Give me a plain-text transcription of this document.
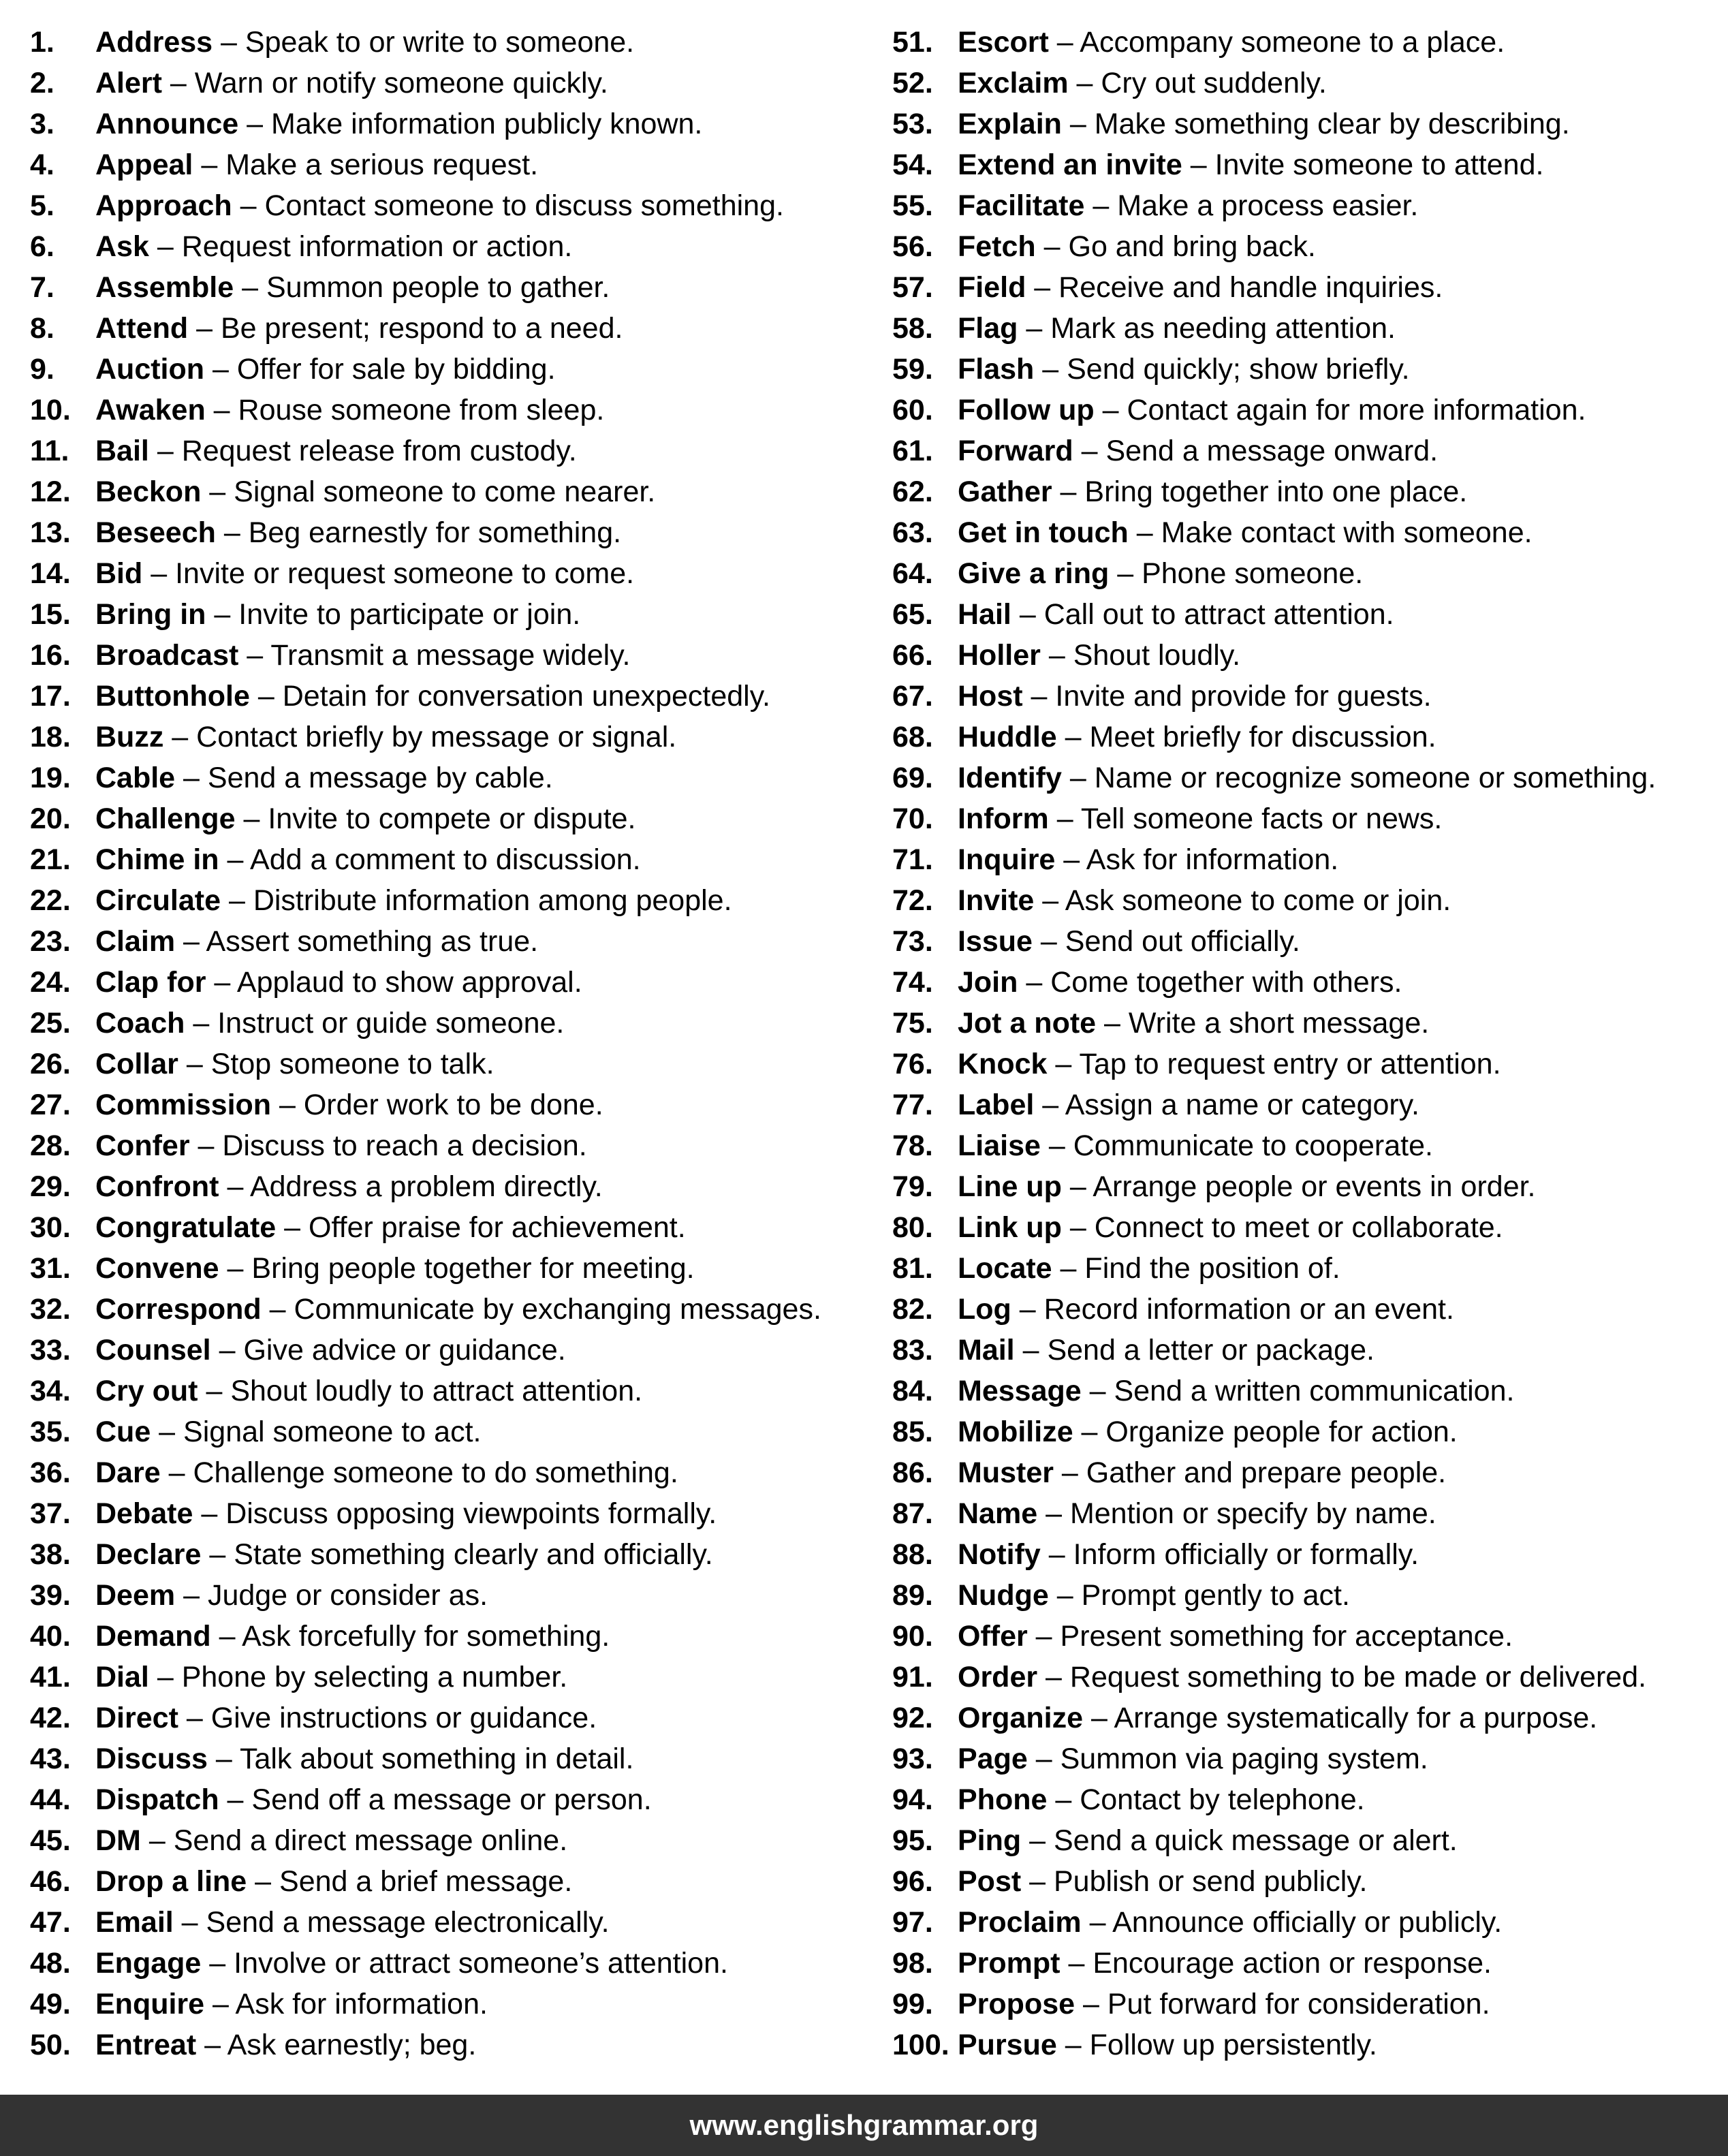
1. Address – Speak to or write to someone.
2. Alert – Warn or notify someone quickly.
3. Announce – Make information publicly known.
4. Appeal – Make a serious request.
5. Approach – Contact someone to discuss something.
6. Ask – Request information or action.
7. Assemble – Summon people to gather.
8. Attend – Be present; respond to a need.
9. Auction – Offer for sale by bidding.
10. Awaken – Rouse someone from sleep.
11. Bail – Request release from custody.
12. Beckon – Signal someone to come nearer.
13. Beseech – Beg earnestly for something.
14. Bid – Invite or request someone to come.
15. Bring in – Invite to participate or join.
16. Broadcast – Transmit a message widely.
17. Buttonhole – Detain for conversation unexpectedly.
18. Buzz – Contact briefly by message or signal.
19. Cable – Send a message by cable.
20. Challenge – Invite to compete or dispute.
21. Chime in – Add a comment to discussion.
22. Circulate – Distribute information among people.
23. Claim – Assert something as true.
24. Clap for – Applaud to show approval.
25. Coach – Instruct or guide someone.
26. Collar – Stop someone to talk.
27. Commission – Order work to be done.
28. Confer – Discuss to reach a decision.
29. Confront – Address a problem directly.
30. Congratulate – Offer praise for achievement.
31. Convene – Bring people together for meeting.
32. Correspond – Communicate by exchanging messages.
33. Counsel – Give advice or guidance.
34. Cry out – Shout loudly to attract attention.
35. Cue – Signal someone to act.
36. Dare – Challenge someone to do something.
37. Debate – Discuss opposing viewpoints formally.
38. Declare – State something clearly and officially.
39. Deem – Judge or consider as.
40. Demand – Ask forcefully for something.
41. Dial – Phone by selecting a number.
42. Direct – Give instructions or guidance.
43. Discuss – Talk about something in detail.
44. Dispatch – Send off a message or person.
45. DM – Send a direct message online.
46. Drop a line – Send a brief message.
47. Email – Send a message electronically.
48. Engage – Involve or attract someone’s attention.
49. Enquire – Ask for information.
50. Entreat – Ask earnestly; beg.
51. Escort – Accompany someone to a place.
52. Exclaim – Cry out suddenly.
53. Explain – Make something clear by describing.
54. Extend an invite – Invite someone to attend.
55. Facilitate – Make a process easier.
56. Fetch – Go and bring back.
57. Field – Receive and handle inquiries.
58. Flag – Mark as needing attention.
59. Flash – Send quickly; show briefly.
60. Follow up – Contact again for more information.
61. Forward – Send a message onward.
62. Gather – Bring together into one place.
63. Get in touch – Make contact with someone.
64. Give a ring – Phone someone.
65. Hail – Call out to attract attention.
66. Holler – Shout loudly.
67. Host – Invite and provide for guests.
68. Huddle – Meet briefly for discussion.
69. Identify – Name or recognize someone or something.
70. Inform – Tell someone facts or news.
71. Inquire – Ask for information.
72. Invite – Ask someone to come or join.
73. Issue – Send out officially.
74. Join – Come together with others.
75. Jot a note – Write a short message.
76. Knock – Tap to request entry or attention.
77. Label – Assign a name or category.
78. Liaise – Communicate to cooperate.
79. Line up – Arrange people or events in order.
80. Link up – Connect to meet or collaborate.
81. Locate – Find the position of.
82. Log – Record information or an event.
83. Mail – Send a letter or package.
84. Message – Send a written communication.
85. Mobilize – Organize people for action.
86. Muster – Gather and prepare people.
87. Name – Mention or specify by name.
88. Notify – Inform officially or formally.
89. Nudge – Prompt gently to act.
90. Offer – Present something for acceptance.
91. Order – Request something to be made or delivered.
92. Organize – Arrange systematically for a purpose.
93. Page – Summon via paging system.
94. Phone – Contact by telephone.
95. Ping – Send a quick message or alert.
96. Post – Publish or send publicly.
97. Proclaim – Announce officially or publicly.
98. Prompt – Encourage action or response.
99. Propose – Put forward for consideration.
100. Pursue – Follow up persistently.
www.englishgrammar.org
